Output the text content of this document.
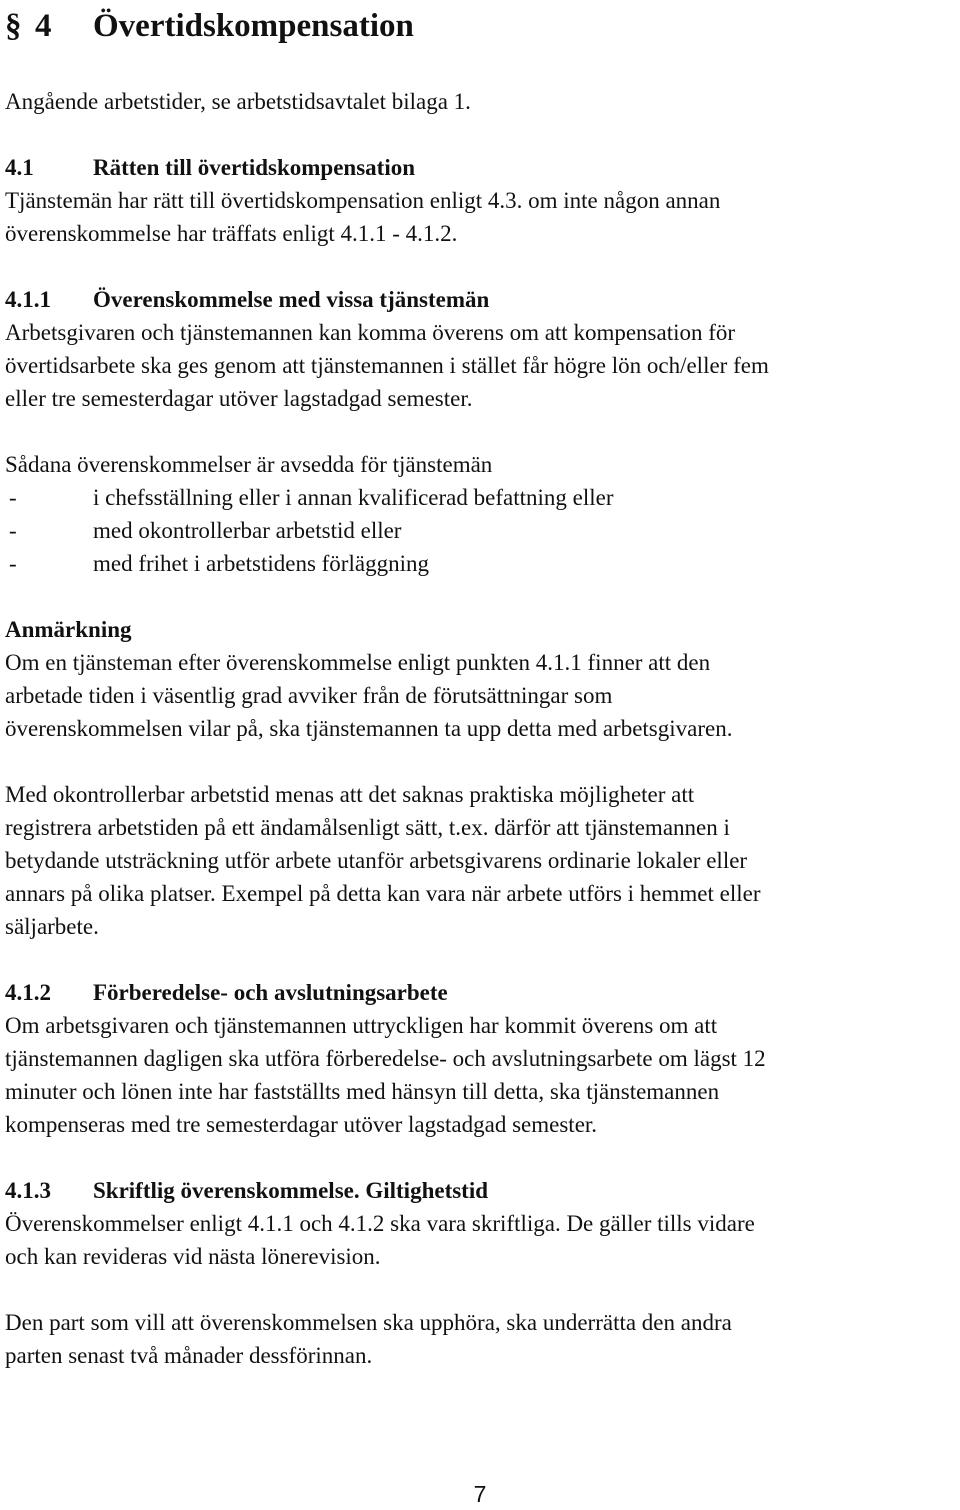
§ 4 Övertidskompensation
Angående arbetstider, se arbetstidsavtalet bilaga 1.
4.1	Rätten till övertidskompensation
Tjänstemän har rätt till övertidskompensation enligt 4.3. om inte någon annan
överenskommelse har träffats enligt 4.1.1 - 4.1.2.
4.1.1 Överenskommelse med vissa tjänstemän
Arbetsgivaren och tjänstemannen kan komma överens om att kompensation för
övertidsarbete ska ges genom att tjänstemannen i stället får högre lön och/eller fem
eller tre semesterdagar utöver lagstadgad semester.
Sådana överenskommelser är avsedda för tjänstemän
-	i chefsställning eller i annan kvalificerad befattning eller
-	med okontrollerbar arbetstid eller
-	med frihet i arbetstidens förläggning
Anmärkning
Om en tjänsteman efter överenskommelse enligt punkten 4.1.1 finner att den
arbetade tiden i väsentlig grad avviker från de förutsättningar som
överenskommelsen vilar på, ska tjänstemannen ta upp detta med arbetsgivaren.
Med okontrollerbar arbetstid menas att det saknas praktiska möjligheter att
registrera arbetstiden på ett ändamålsenligt sätt, t.ex. därför att tjänstemannen i
betydande utsträckning utför arbete utanför arbetsgivarens ordinarie lokaler eller
annars på olika platser. Exempel på detta kan vara när arbete utförs i hemmet eller
säljarbete.
4.1.2 Förberedelse- och avslutningsarbete
Om arbetsgivaren och tjänstemannen uttryckligen har kommit överens om att
tjänstemannen dagligen ska utföra förberedelse- och avslutningsarbete om lägst 12
minuter och lönen inte har fastställts med hänsyn till detta, ska tjänstemannen
kompenseras med tre semesterdagar utöver lagstadgad semester.
4.1.3 Skriftlig överenskommelse. Giltighetstid
Överenskommelser enligt 4.1.1 och 4.1.2 ska vara skriftliga. De gäller tills vidare
och kan revideras vid nästa lönerevision.
Den part som vill att överenskommelsen ska upphöra, ska underrätta den andra
parten senast två månader dessförinnan.
7
